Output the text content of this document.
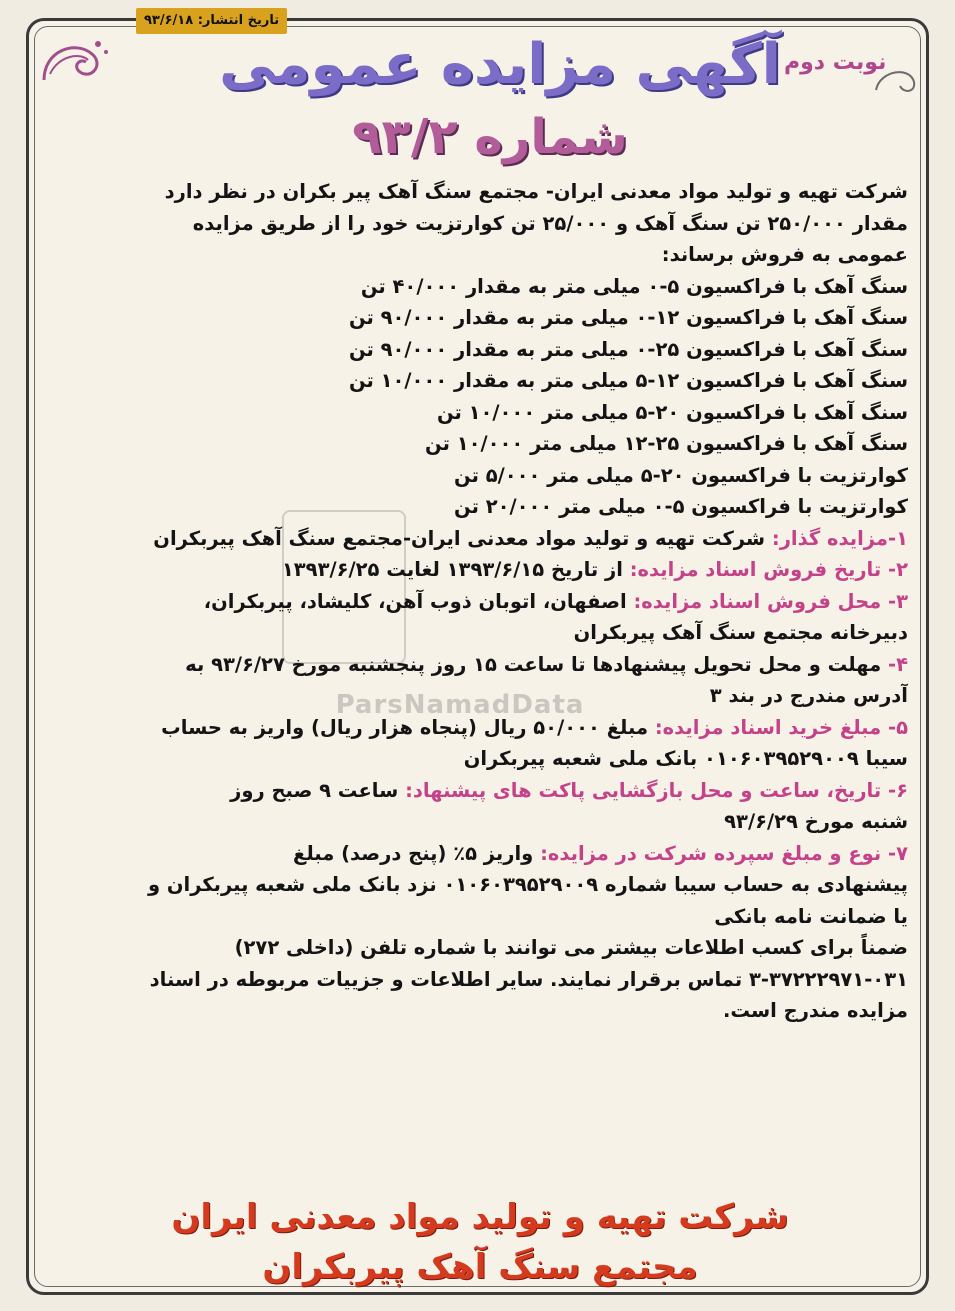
تاریخ انتشار: ۹۳/۶/۱۸
نوبت دوم
آگهی مزایده عمومی
شماره ۹۳/۲
ParsNamadData
شرکت تهیه و تولید مواد معدنی ایران- مجتمع سنگ آهک پیر بکران در نظر دارد
مقدار ۲۵۰/۰۰۰ تن سنگ آهک و ۲۵/۰۰۰ تن کوارتزیت خود را از طریق مزایده
عمومی به فروش برساند:
سنگ آهک با فراکسیون ۵-۰ میلی متر به مقدار ۴۰/۰۰۰ تن
سنگ آهک با فراکسیون ۱۲-۰ میلی متر به مقدار ۹۰/۰۰۰ تن
سنگ آهک با فراکسیون ۲۵-۰ میلی متر به مقدار ۹۰/۰۰۰ تن
سنگ آهک با فراکسیون ۱۲-۵ میلی متر به مقدار ۱۰/۰۰۰ تن
سنگ آهک با فراکسیون ۲۰-۵ میلی متر ۱۰/۰۰۰ تن
سنگ آهک با فراکسیون ۲۵-۱۲ میلی متر ۱۰/۰۰۰ تن
کوارتزیت با فراکسیون ۲۰-۵ میلی متر ۵/۰۰۰ تن
کوارتزیت با فراکسیون ۵-۰ میلی متر ۲۰/۰۰۰ تن
۱-مزایده گذار: شرکت تهیه و تولید مواد معدنی ایران-مجتمع سنگ آهک پیربکران
۲- تاریخ فروش اسناد مزایده: از تاریخ ۱۳۹۳/۶/۱۵ لغایت ۱۳۹۳/۶/۲۵
۳- محل فروش اسناد مزایده: اصفهان، اتوبان ذوب آهن، کلیشاد، پیربکران،
دبیرخانه مجتمع سنگ آهک پیربکران
۴- مهلت و محل تحویل پیشنهادها تا ساعت ۱۵ روز پنجشنبه مورخ ۹۳/۶/۲۷ به
آدرس مندرج در بند ۳
۵- مبلغ خرید اسناد مزایده: مبلغ ۵۰/۰۰۰ ریال (پنجاه هزار ریال) واریز به حساب
سیبا ۰۱۰۶۰۳۹۵۲۹۰۰۹ بانک ملی شعبه پیربکران
۶- تاریخ، ساعت و محل بازگشایی پاکت های پیشنهاد: ساعت ۹ صبح روز
شنبه مورخ ۹۳/۶/۲۹
۷- نوع و مبلغ سپرده شرکت در مزایده: واریز ۵٪ (پنج درصد) مبلغ
پیشنهادی به حساب سیبا شماره ۰۱۰۶۰۳۹۵۲۹۰۰۹ نزد بانک ملی شعبه پیربکران و
یا ضمانت نامه بانکی
ضمناً برای کسب اطلاعات بیشتر می توانند با شماره تلفن (داخلی ۲۷۲)
۳-۳۷۲۲۲۹۷۱-۰۳۱ تماس برقرار نمایند. سایر اطلاعات و جزییات مربوطه در اسناد
مزایده مندرج است.
شرکت تهیه و تولید مواد معدنی ایران
مجتمع سنگ آهک پیربکران
